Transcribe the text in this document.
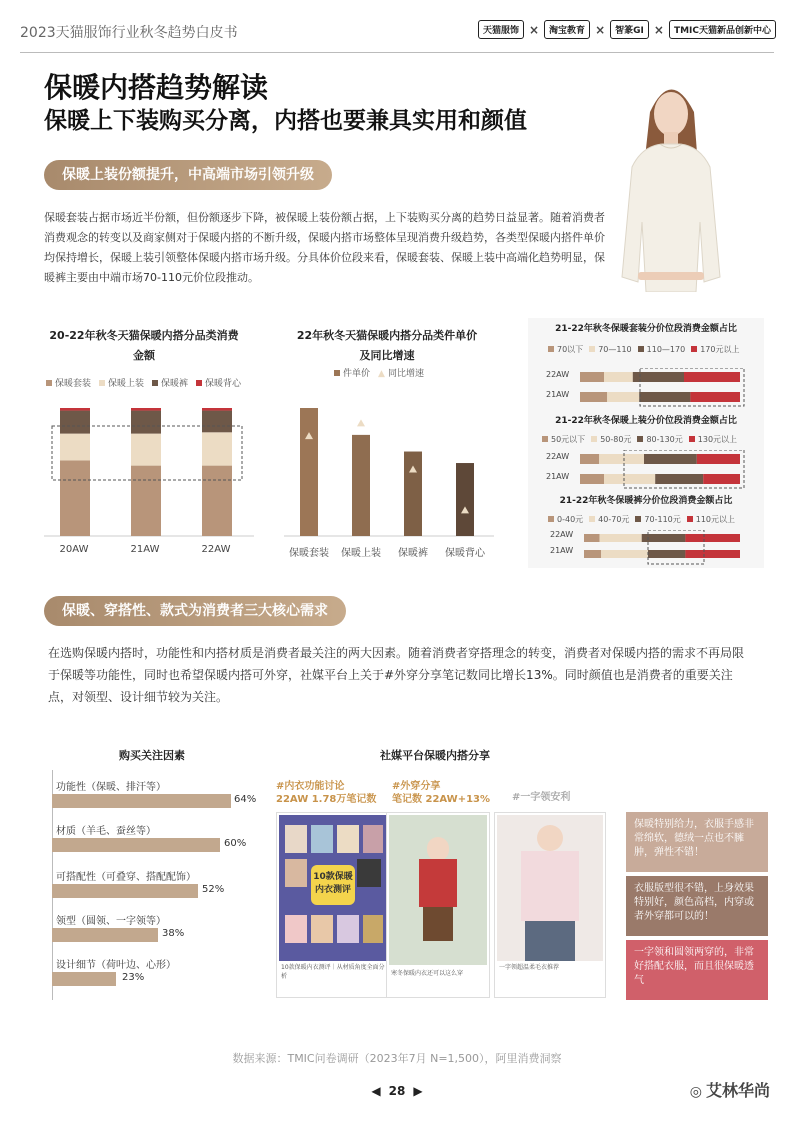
2023天猫服饰行业秋冬趋势白皮书	天猫服饰 ×	淘宝教育 ×	智篆GI ×	TMIC天猫新品创新中心
保暖内搭趋势解读
保暖上下装购买分离，内搭也要兼具实用和颜值
保暖上装份额提升，中高端市场引领升级
保暖套装占据市场近半份额，但份额逐步下降，被保暖上装份额占据，上下装购买分离的趋势日益显著。随着消费者消费观念的转变以及商家侧对于保暖内搭的不断升级，保暖内搭市场整体呈现消费升级趋势，各类型保暖内搭件单价均保持增长，保暖上装引领整体保暖内搭市场升级。分具体价位段来看，保暖套装、保暖上装中高端化趋势明显，保暖裤主要由中端市场70-110元价位段推动。
20-22年秋冬天猫保暖内搭分品类消费金额
保暖套装	保暖上装	保暖裤	保暖背心
20AW	21AW	22AW
22年秋冬天猫保暖内搭分品类件单价及同比增速
件单价 ▲ 同比增速
保暖套装	保暖上装	保暖裤	保暖背心
21-22年秋冬保暖套装分价位段消费金额占比
70以下	70—110	110—170	170元以上
22AW
21AW
21-22年秋冬保暖上装分价位段消费金额占比
50元以下	50-80元	80-130元	130元以上
22AW
21AW
21-22年秋冬保暖裤分价位段消费金额占比
0-40元	40-70元	70-110元	110元以上
22AW
21AW
保暖、穿搭性、款式为消费者三大核心需求
在选购保暖内搭时，功能性和内搭材质是消费者最关注的两大因素。随着消费者穿搭理念的转变，消费者对保暖内搭的需求不再局限于保暖等功能性，同时也希望保暖内搭可外穿，社媒平台上关于#外穿分享笔记数同比增长13%。同时颜值也是消费者的重要关注点，对领型、设计细节较为关注。
购买关注因素
功能性（保暖、排汗等）
64%
材质（羊毛、蚕丝等）
60%
可搭配性（可叠穿、搭配配饰）
52%
领型（圆领、一字领等）
38%
设计细节（荷叶边、心形）
23%
社媒平台保暖内搭分享
#内衣功能讨论
22AW 1.78万笔记数
#外穿分享
笔记数 22AW+13%	#一字领安利
10款保暖内衣测评
10款保暖内衣测评｜从材质角度全面分析	寒冬保暖内衣还可以这么穿
一字领超温柔毛衣推荐
保暖特别给力，衣服手感非常绵软，德绒一点也不臃肿，弹性不错！
衣服版型很不错，上身效果特别好，颜色高档，内穿或者外穿都可以的！
一字领和圆领两穿的，非常好搭配衣服，而且很保暖透气
数据来源：TMIC问卷调研（2023年7月 N=1,500），阿里消费洞察
◀ 28 ▶	◎ 艾林华尚
